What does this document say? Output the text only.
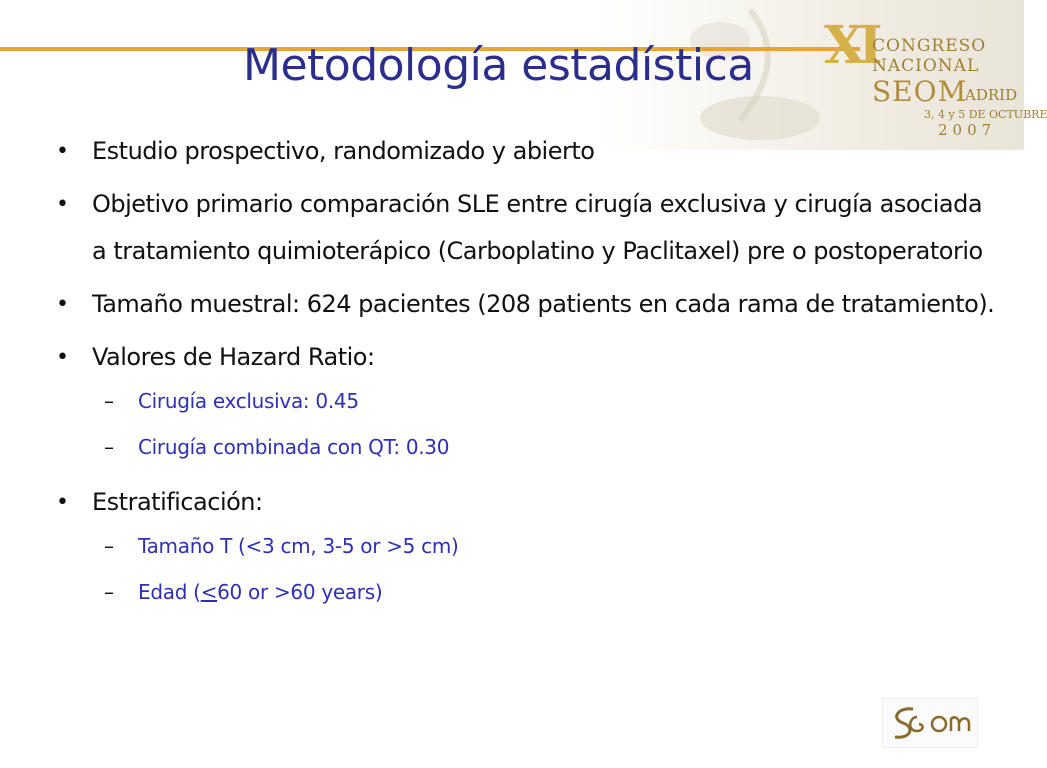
Metodología estadística XI
CONGRESO
NACIONAL
SEOM
ADRID
3, 4 y 5 DE OCTUBRE
2007
• Estudio prospectivo, randomizado y abierto
• Objetivo primario comparación SLE entre cirugía exclusiva y cirugía asociada a tratamiento quimioterápico (Carboplatino y Paclitaxel) pre o postoperatorio
• Tamaño muestral: 624 pacientes (208 patients en cada rama de tratamiento).
• Valores de Hazard Ratio:
– Cirugía exclusiva: 0.45
– Cirugía combinada con QT: 0.30
• Estratificación:
– Tamaño T (<3 cm, 3-5 or >5 cm)
– Edad (<60 or >60 years)
